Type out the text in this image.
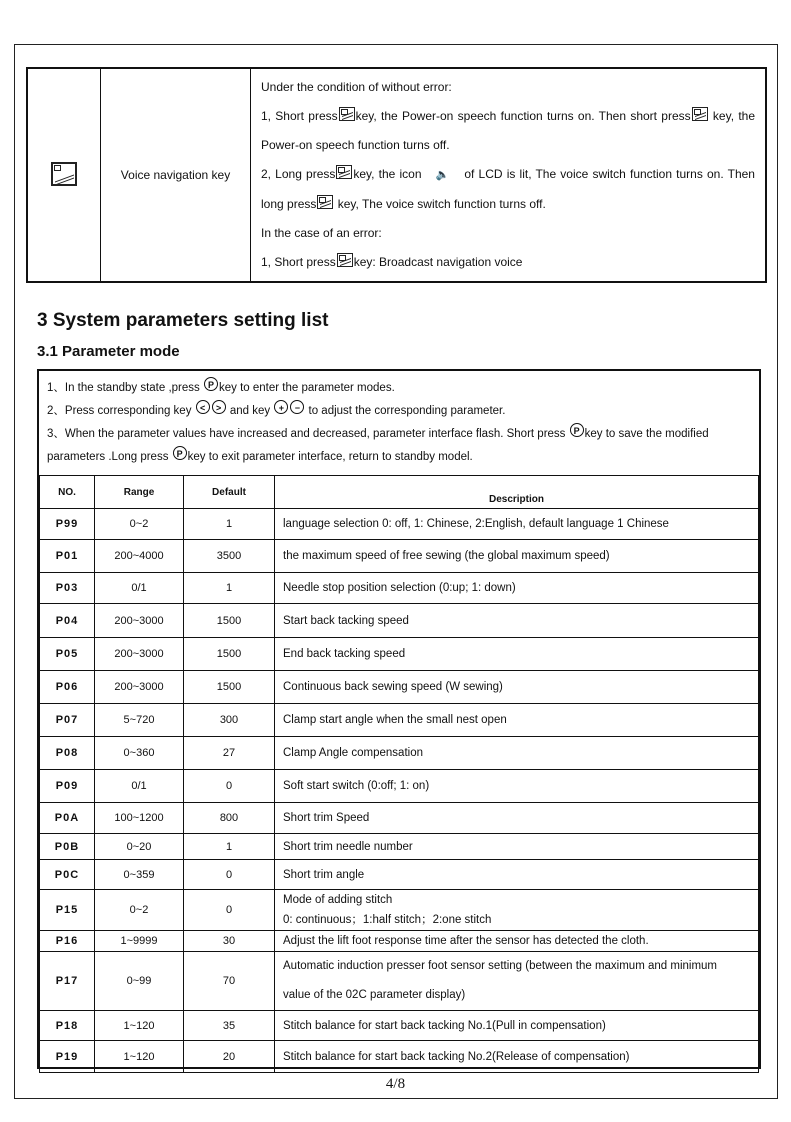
	Voice navigation key	
Under the condition of without error:
1, Short press key, the Power-on speech function turns on. Then short press key, the
Power-on speech function turns off.
2, Long press key, the icon 🔈 of LCD is lit, The voice switch function turns on. Then
long press key, The voice switch function turns off.
In the case of an error:
1, Short press key: Broadcast navigation voice
3 System parameters setting list
3.1 Parameter mode

1、In the standby state ,press P key to enter the parameter modes.

2、Press corresponding key < > and key + − to adjust the corresponding parameter.

3、When the parameter values have increased and decreased, parameter interface flash. Short press P key to save the modified

parameters .Long press P key to exit parameter interface, return to standby model.

NO.	Range	Default	Description
P99	0~2	1	language selection 0: off, 1: Chinese, 2:English, default language 1 Chinese

P01	200~4000	3500	the maximum speed of free sewing (the global maximum speed)

P03	0/1	1	Needle stop position selection (0:up; 1: down)

P04	200~3000	1500	Start back tacking speed

P05	200~3000	1500	End back tacking speed

P06	200~3000	1500	Continuous back sewing speed (W sewing)

P07	5~720	300	Clamp start angle when the small nest open

P08	0~360	27	Clamp Angle compensation

P09	0/1	0	Soft start switch (0:off; 1: on)

P0A	100~1200	800	Short trim Speed

P0B	0~20	1	Short trim needle number

P0C	0~359	0	Short trim angle

P15	0~2	0	Mode of adding stitch
0: continuous；1:half stitch；2:one stitch

P16	1~9999	30	Adjust the lift foot response time after the sensor has detected the cloth.

P17	0~99	70	Automatic induction presser foot sensor setting (between the maximum and minimum
value of the 02C parameter display)

P18	1~120	35	Stitch balance for start back tacking No.1(Pull in compensation)

P19	1~120	20	Stitch balance for start back tacking No.2(Release of compensation)
4/8
